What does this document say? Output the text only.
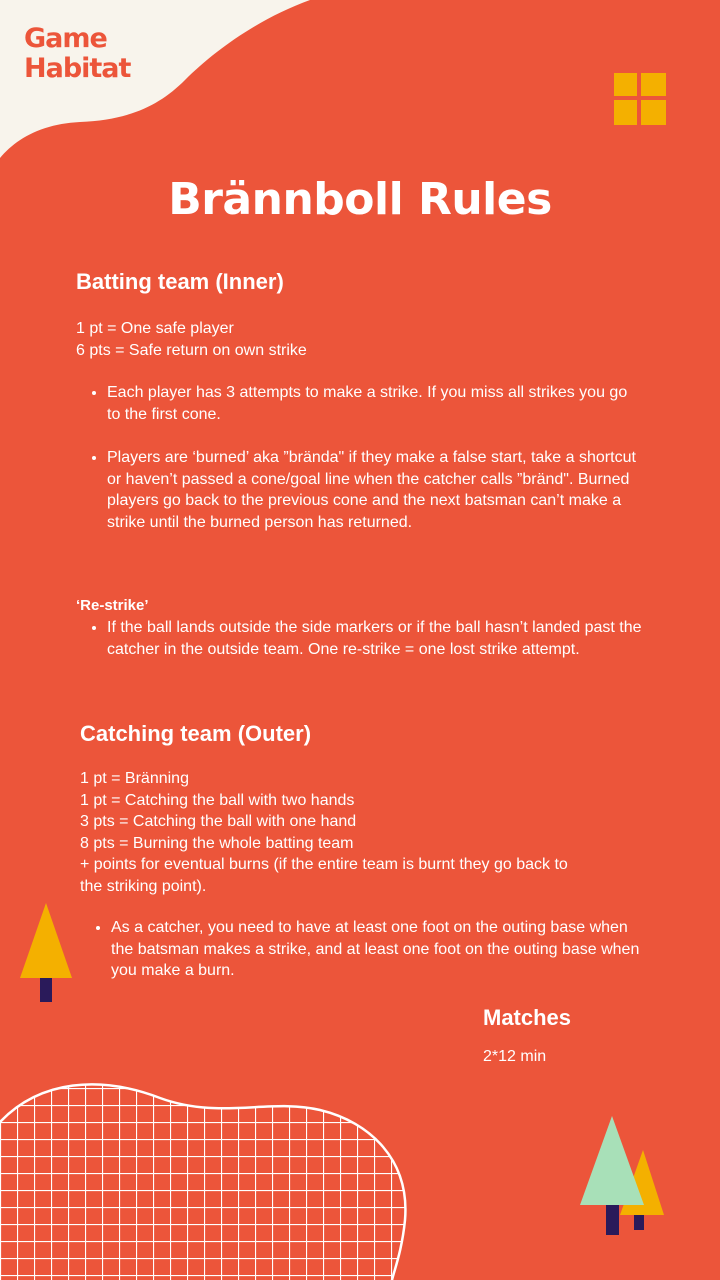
Game
Habitat
Brännboll Rules
Batting team (Inner)
1 pt = One safe player
6 pts = Safe return on own strike
• Each player has 3 attempts to make a strike. If you miss all strikes you go to the first cone.
• Players are ‘burned’ aka ”brända" if they make a false start, take a shortcut or haven’t passed a cone/goal line when the catcher calls ”bränd". Burned players go back to the previous cone and the next batsman can’t make a strike until the burned person has returned.
‘Re-strike’
• If the ball lands outside the side markers or if the ball hasn’t landed past the catcher in the outside team. One re-strike = one lost strike attempt.
Catching team (Outer)
1 pt = Bränning
1 pt = Catching the ball with two hands
3 pts = Catching the ball with one hand
8 pts = Burning the whole batting team
+ points for eventual burns (if the entire team is burnt they go back to
the striking point).
• As a catcher, you need to have at least one foot on the outing base when the batsman makes a strike, and at least one foot on the outing base when you make a burn.
Matches
2*12 min
